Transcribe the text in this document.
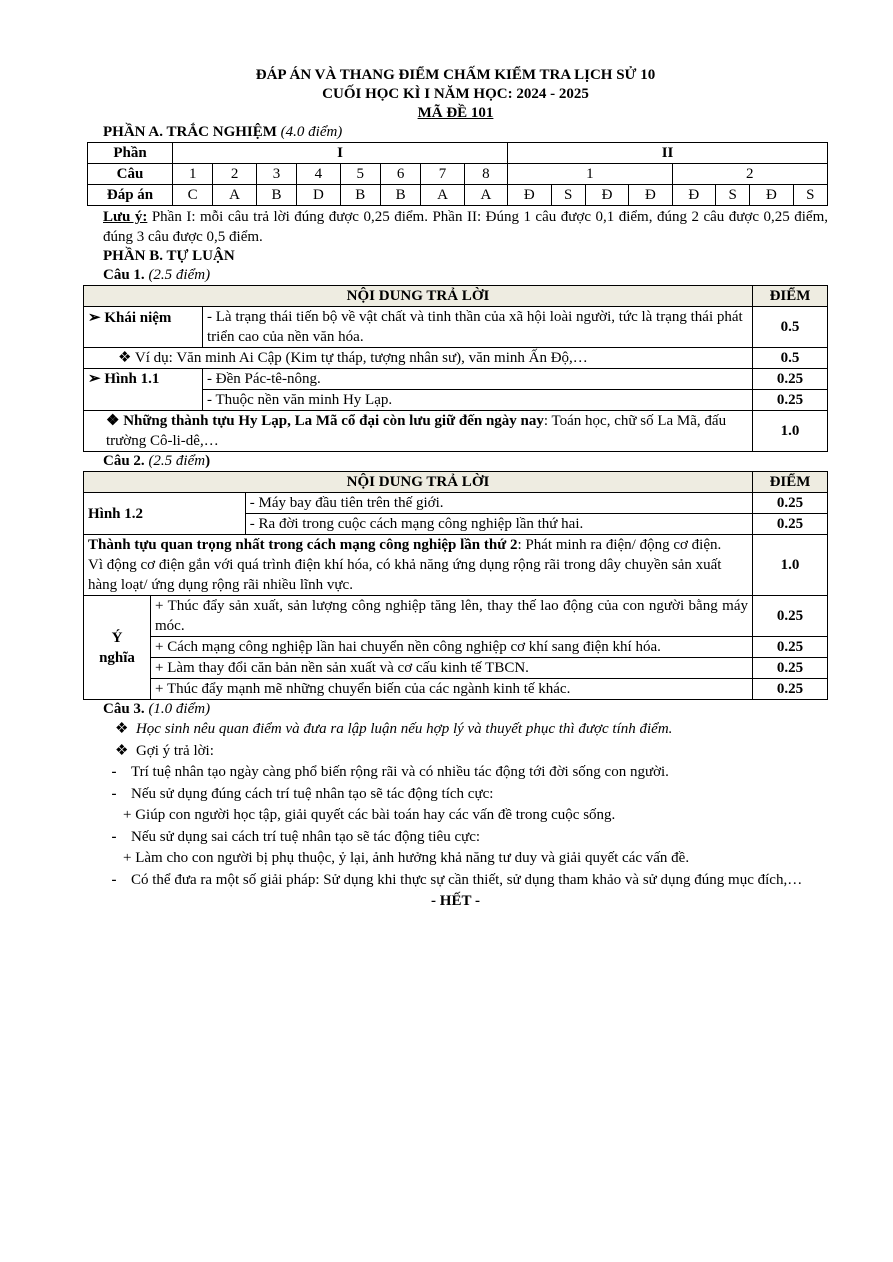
ĐÁP ÁN VÀ THANG ĐIỂM CHẤM KIỂM TRA LỊCH SỬ 10
CUỐI HỌC KÌ I NĂM HỌC: 2024 - 2025
MÃ ĐỀ 101
PHẦN A. TRẮC NGHIỆM (4.0 điểm)
Phần	I								II							
Câu	1	2	3	4	5	6	7	8	1				2			
Đáp án	C	A	B	D	B	B	A	A	Đ	S	Đ	Đ	Đ	S	Đ	S
Lưu ý: Phần I: mỗi câu trả lời đúng được 0,25 điểm. Phần II: Đúng 1 câu được 0,1 điểm, đúng 2 câu được 0,25 điểm, đúng 3 câu được 0,5 điểm.
PHẦN B. TỰ LUẬN
Câu 1. (2.5 điểm)
NỘI DUNG TRẢ LỜI		ĐIỂM
➢ Khái niệm	- Là trạng thái tiến bộ về vật chất và tinh thần của xã hội loài người, tức là trạng thái phát triển cao của nền văn hóa.	0.5
❖ Ví dụ: Văn minh Ai Cập (Kim tự tháp, tượng nhân sư), văn minh Ấn Độ,…		0.5
➢ Hình 1.1	- Đền Pác-tê-nông.	0.25
	- Thuộc nền văn minh Hy Lạp.	0.25
❖ Những thành tựu Hy Lạp, La Mã cổ đại còn lưu giữ đến ngày nay: Toán học, chữ số La Mã, đấu trường Cô-li-dê,…		1.0
Câu 2. (2.5 điểm)
NỘI DUNG TRẢ LỜI			ĐIỂM
Hình 1.2		- Máy bay đầu tiên trên thế giới.	0.25
		- Ra đời trong cuộc cách mạng công nghiệp lần thứ hai.	0.25
Thành tựu quan trọng nhất trong cách mạng công nghiệp lần thứ 2: Phát minh ra điện/ động cơ điện.
Vì động cơ điện gắn với quá trình điện khí hóa, có khả năng ứng dụng rộng rãi trong dây chuyền sản xuất hàng loạt/ ứng dụng rộng rãi nhiều lĩnh vực.			1.0
Ý
nghĩa	+ Thúc đẩy sản xuất, sản lượng công nghiệp tăng lên, thay thế lao động của con người bằng máy móc.		0.25
	+ Cách mạng công nghiệp lần hai chuyển nền công nghiệp cơ khí sang điện khí hóa.		0.25
	+ Làm thay đổi căn bản nền sản xuất và cơ cấu kinh tế TBCN.		0.25
	+ Thúc đẩy mạnh mẽ những chuyển biến của các ngành kinh tế khác.		0.25
Câu 3. (1.0 điểm)
❖ Học sinh nêu quan điểm và đưa ra lập luận nếu hợp lý và thuyết phục thì được tính điểm.
❖ Gợi ý trả lời:
- Trí tuệ nhân tạo ngày càng phổ biến rộng rãi và có nhiều tác động tới đời sống con người.
- Nếu sử dụng đúng cách trí tuệ nhân tạo sẽ tác động tích cực:
+ Giúp con người học tập, giải quyết các bài toán hay các vấn đề trong cuộc sống.
- Nếu sử dụng sai cách trí tuệ nhân tạo sẽ tác động tiêu cực:
+ Làm cho con người bị phụ thuộc, ỷ lại, ảnh hưởng khả năng tư duy và giải quyết các vấn đề.
- Có thể đưa ra một số giải pháp: Sử dụng khi thực sự cần thiết, sử dụng tham khảo và sử dụng đúng mục đích,…
- HẾT -
